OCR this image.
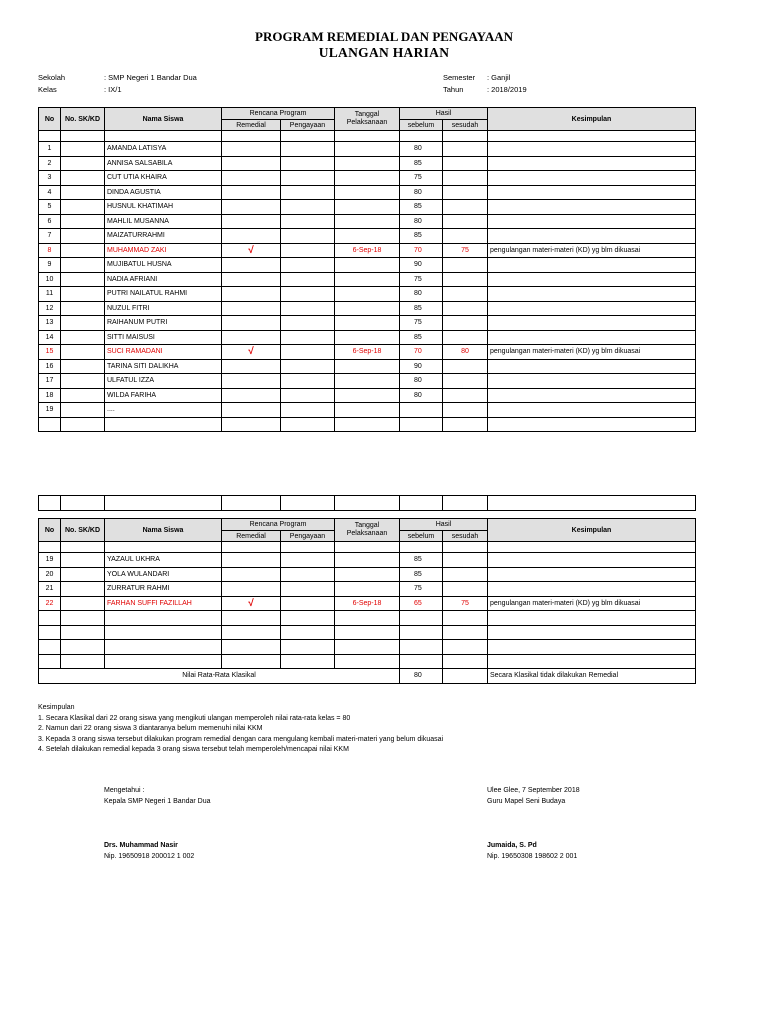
PROGRAM REMEDIAL DAN PENGAYAAN
ULANGAN HARIAN
Sekolah	: SMP Negeri 1 Bandar Dua
Kelas	: IX/1
Semester : Ganjil
Tahun	: 2018/2019
No	No. SK/KD	Nama Siswa	Rencana Program		Tanggal Pelaksanaan	Hasil		Kesimpulan
			Remedial	Pengayaan		sebelum	sesudah	

1		AMANDA LATISYA				80		
2		ANNISA SALSABILA				85		
3		CUT UTIA KHAIRA				75		
4		DINDA AGUSTIA				80		
5		HUSNUL KHATIMAH				85		
6		MAHLIL MUSANNA				80		
7		MAIZATURRAHMI				85		
8		MUHAMMAD ZAKI	√		6-Sep-18	70	75	pengulangan materi-materi (KD) yg blm dikuasai
9		MUJIBATUL HUSNA				90		
10		NADIA AFRIANI				75		
11		PUTRI NAILATUL RAHMI				80		
12		NUZUL FITRI				85		
13		RAIHANUM PUTRI				75		
14		SITTI MAISUSI				85		
15		SUCI RAMADANI	√		6-Sep-18	70	80	pengulangan materi-materi (KD) yg blm dikuasai
16		TARINA SITI DALIKHA				90		
17		ULFATUL IZZA				80		
18		WILDA FARIHA				80		
19		....						

No	No. SK/KD	Nama Siswa	Rencana Program		Tanggal Pelaksanaan	Hasil		Kesimpulan
			Remedial	Pengayaan		sebelum	sesudah	

19		YAZAUL UKHRA				85		
20		YOLA WULANDARI				85		
21		ZURRATUR RAHMI				75		
22		FARHAN SUFFI FAZILLAH	√		6-Sep-18	65	75	pengulangan materi-materi (KD) yg blm dikuasai

Nilai Rata-Rata Klasikal						80		Secara Klasikal tidak dilakukan Remedial
Kesimpulan
1. Secara Klasikal dari 22 orang siswa yang mengikuti ulangan memperoleh nilai rata-rata kelas = 80
2. Namun dari 22 orang siswa 3 diantaranya belum memenuhi nilai KKM
3. Kepada 3 orang siswa tersebut dilakukan program remedial dengan cara mengulang kembali materi-materi yang belum dikuasai
4. Setelah dilakukan remedial kepada 3 orang siswa tersebut telah memperoleh/mencapai nilai KKM
Mengetahui :
Kepala SMP Negeri 1 Bandar Dua
Drs. Muhammad Nasir
Nip. 19650918 200012 1 002
Ulee Glee, 7 September 2018
Guru Mapel Seni Budaya
Jumaida, S. Pd
Nip. 19650308 198602 2 001
